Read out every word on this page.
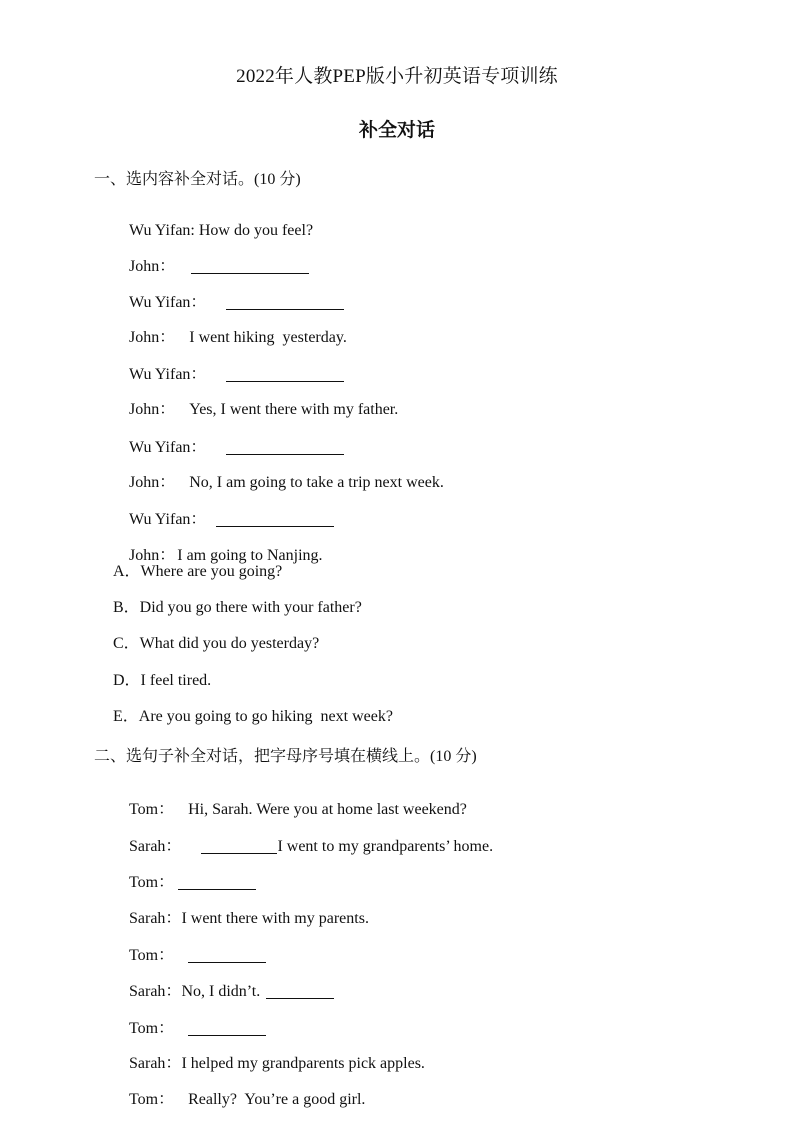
2022年人教PEP版小升初英语专项训练
补全对话
一、选内容补全对话。(10 分)

Wu Yifan: How do you feel?

John：

Wu Yifan：

John： I went hiking  yesterday.

Wu Yifan：

John： Yes, I went there with my father.

Wu Yifan：

John： No, I am going to take a trip next week.

Wu Yifan：

John： I am going to Nanjing.

A．Where are you going?
B．Did you go there with your father?
C．What did you do yesterday?
D．I feel tired.
E．Are you going to go hiking  next week?
二、选句子补全对话，把字母序号填在横线上。(10 分)

Tom： Hi, Sarah. Were you at home last weekend?

Sarah：	I went to my grandparents’ home.

Tom：

Sarah：I went there with my parents.

Tom：

Sarah：No, I didn’t.

Tom：

Sarah：I helped my grandparents pick apples.

Tom： Really?  You’re a good girl.
